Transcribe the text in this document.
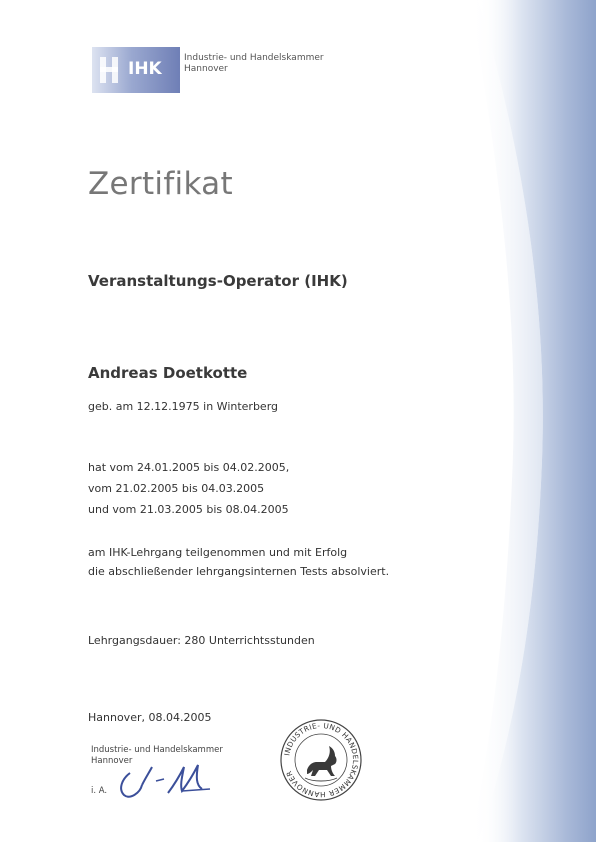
IHK
Industrie- und Handelskammer
Hannover
Zertifikat
Veranstaltungs-Operator (IHK)
Andreas Doetkotte
geb. am 12.12.1975 in Winterberg
hat vom 24.01.2005 bis 04.02.2005,
vom 21.02.2005 bis 04.03.2005
und vom 21.03.2005 bis 08.04.2005
am IHK-Lehrgang teilgenommen und mit Erfolg
die abschließender lehrgangsinternen Tests absolviert.
Lehrgangsdauer: 280 Unterrichtsstunden
Hannover, 08.04.2005
Industrie- und Handelskammer
Hannover
i. A.
INDUSTRIE- UND HANDELSKAMMER HANNOVER
